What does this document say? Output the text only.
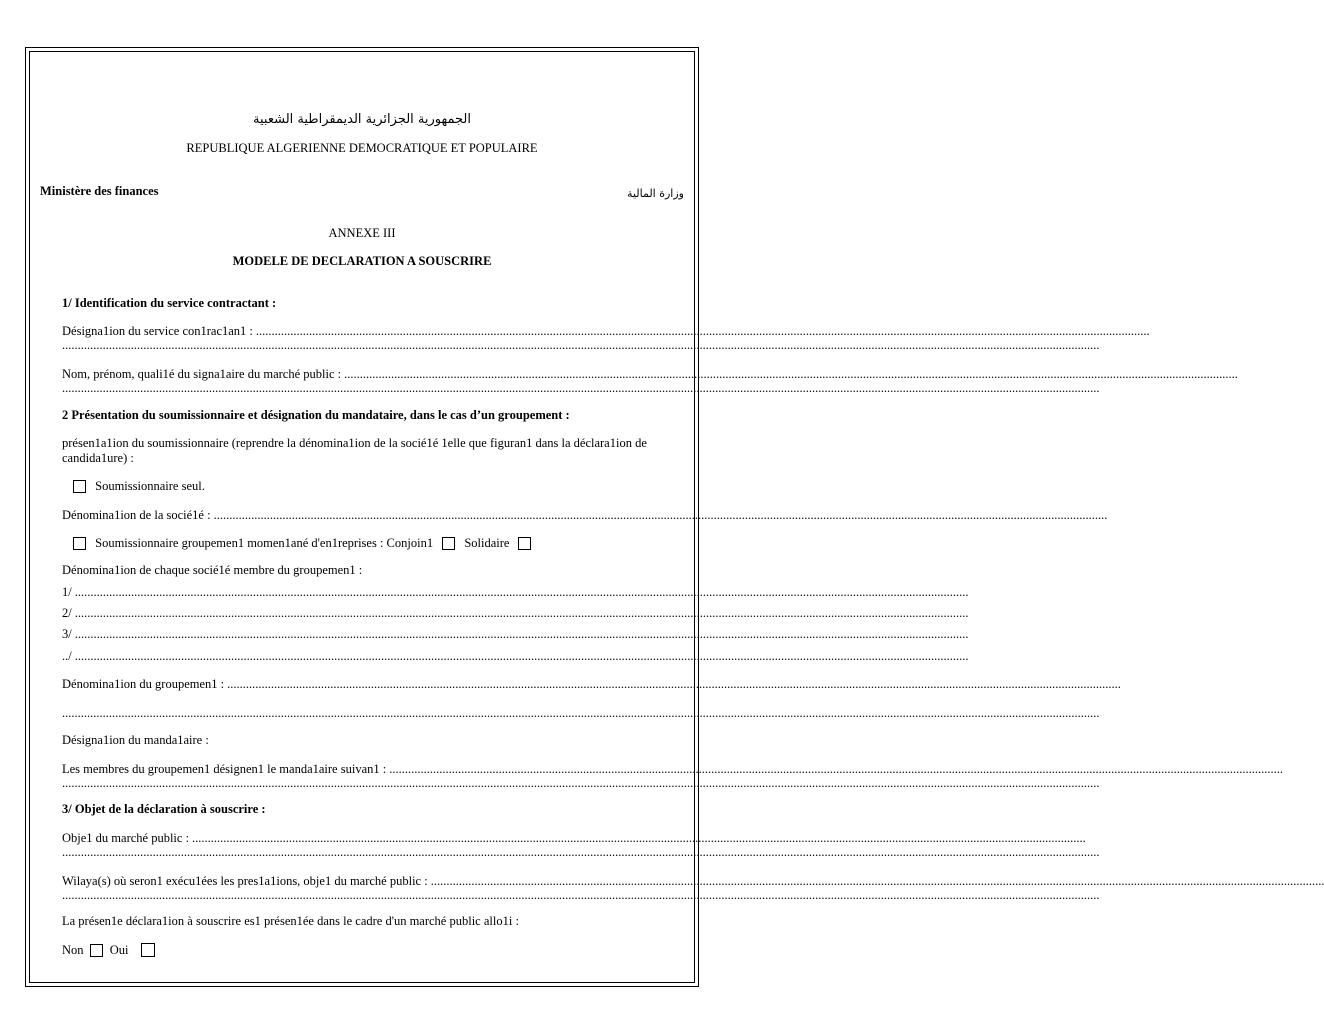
الجمهورية الجزائرية الديمقراطية الشعبية
REPUBLIQUE ALGERIENNE DEMOCRATIQUE ET POPULAIRE
Ministère des finances	وزارة المالية
ANNEXE III
MODELE DE DECLARATION A SOUSCRIRE
1/ Identification du service contractant :
Désigna1ion du service con1rac1an1 : ..............................................................................................................................................................................................................................................................................................
............................................................................................................................................................................................................................................................................................................................................
Nom, prénom, quali1é du signa1aire du marché public : ..............................................................................................................................................................................................................................................................................................
............................................................................................................................................................................................................................................................................................................................................
2 Présentation du soumissionnaire et désignation du mandataire, dans le cas d’un groupement :
présen1a1ion du soumissionnaire (reprendre la dénomina1ion de la socié1é 1elle que figuran1 dans la déclara1ion de candida1ure) :
Soumissionnaire seul.
Dénomina1ion de la socié1é : ..............................................................................................................................................................................................................................................................................................
Soumissionnaire groupemen1 momen1ané d'en1reprises : Conjoin1	Solidaire
Dénomina1ion de chaque socié1é membre du groupemen1 :
1/ ..............................................................................................................................................................................................................................................................................................
2/ ..............................................................................................................................................................................................................................................................................................
3/ ..............................................................................................................................................................................................................................................................................................
../ ..............................................................................................................................................................................................................................................................................................
Dénomina1ion du groupemen1 : ..............................................................................................................................................................................................................................................................................................
............................................................................................................................................................................................................................................................................................................................................
Désigna1ion du manda1aire :
Les membres du groupemen1 désignen1 le manda1aire suivan1 : ..............................................................................................................................................................................................................................................................................................
............................................................................................................................................................................................................................................................................................................................................
3/ Objet de la déclaration à souscrire :
Obje1 du marché public : ..............................................................................................................................................................................................................................................................................................
............................................................................................................................................................................................................................................................................................................................................
Wilaya(s) où seron1 exécu1ées les pres1a1ions, obje1 du marché public : ..............................................................................................................................................................................................................................................................................................
............................................................................................................................................................................................................................................................................................................................................
La présen1e déclara1ion à souscrire es1 présen1ée dans le cadre d'un marché public allo1i :
Non Oui
